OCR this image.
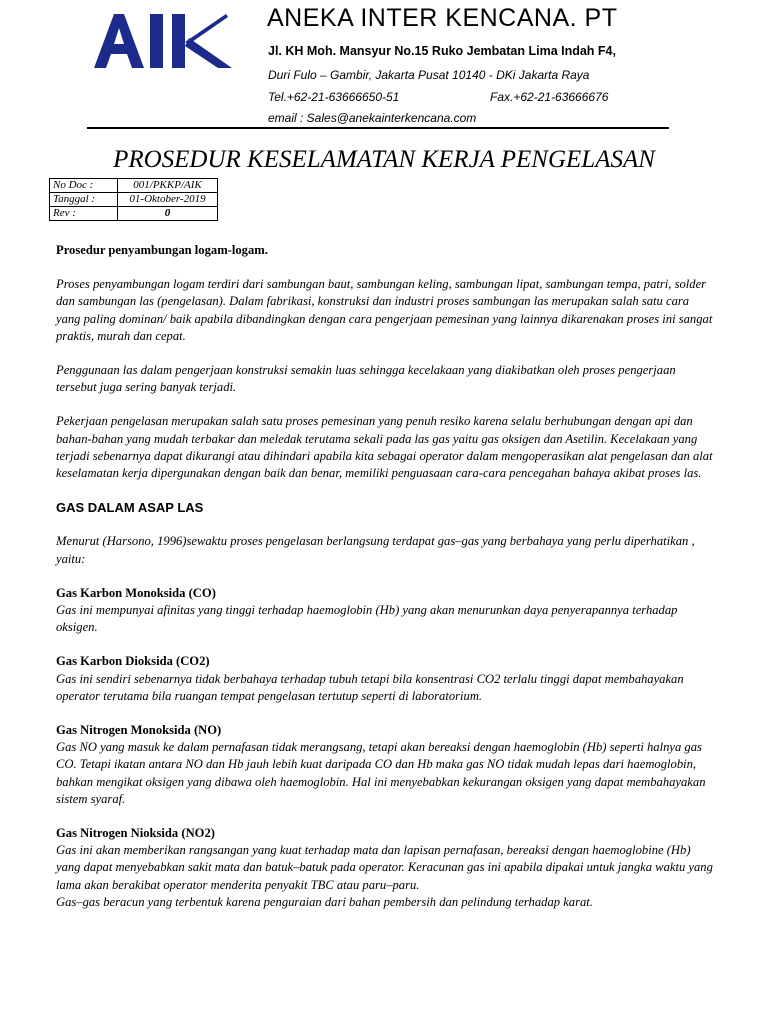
ANEKA INTER KENCANA. PT
Jl. KH Moh. Mansyur No.15 Ruko Jembatan Lima Indah F4,
Duri Fulo – Gambir, Jakarta Pusat 10140 - DKi Jakarta Raya
Tel.+62-21-63666650-51	Fax.+62-21-63666676
email : Sales@anekainterkencana.com
PROSEDUR KESELAMATAN KERJA PENGELASAN
No Doc :	001/PKKP/AIK
Tanggal :	01-Oktober-2019
Rev :	0

Prosedur penyambungan logam-logam.

Proses penyambungan logam terdiri dari sambungan baut, sambungan keling, sambungan lipat, sambungan tempa, patri, solder dan sambungan las (pengelasan). Dalam fabrikasi, konstruksi dan industri proses sambungan las merupakan salah satu cara yang paling dominan/ baik apabila dibandingkan dengan cara pengerjaan pemesinan yang lainnya dikarenakan proses ini sangat praktis, murah dan cepat.

Penggunaan las dalam pengerjaan konstruksi semakin luas sehingga kecelakaan yang diakibatkan oleh proses pengerjaan tersebut juga sering banyak terjadi.

Pekerjaan pengelasan merupakan salah satu proses pemesinan yang penuh resiko karena selalu berhubungan dengan api dan bahan-bahan yang mudah terbakar dan meledak terutama sekali pada las gas yaitu gas oksigen dan Asetilin. Kecelakaan yang terjadi sebenarnya dapat dikurangi atau dihindari apabila kita sebagai operator dalam mengoperasikan alat pengelasan dan alat keselamatan kerja dipergunakan dengan baik dan benar, memiliki penguasaan cara-cara pencegahan bahaya akibat proses las.

GAS DALAM ASAP LAS

Menurut (Harsono, 1996)sewaktu proses pengelasan berlangsung terdapat gas–gas yang berbahaya yang perlu diperhatikan , yaitu:

Gas Karbon Monoksida (CO)

Gas ini mempunyai afinitas yang tinggi terhadap haemoglobin (Hb) yang akan menurunkan daya penyerapannya terhadap oksigen.

Gas Karbon Dioksida (CO2)

Gas ini sendiri sebenarnya tidak berbahaya terhadap tubuh tetapi bila konsentrasi CO2 terlalu tinggi dapat membahayakan operator terutama bila ruangan tempat pengelasan tertutup seperti di laboratorium.

Gas Nitrogen Monoksida (NO)

Gas NO yang masuk ke dalam pernafasan tidak merangsang, tetapi akan bereaksi dengan haemoglobin (Hb) seperti halnya gas CO. Tetapi ikatan antara NO dan Hb jauh lebih kuat daripada CO dan Hb maka gas NO tidak mudah lepas dari haemoglobin, bahkan mengikat oksigen yang dibawa oleh haemoglobin. Hal ini menyebabkan kekurangan oksigen yang dapat membahayakan sistem syaraf.

Gas Nitrogen Nioksida (NO2)

Gas ini akan memberikan rangsangan yang kuat terhadap mata dan lapisan pernafasan, bereaksi dengan haemoglobine (Hb) yang dapat menyebabkan sakit mata dan batuk–batuk pada operator. Keracunan gas ini apabila dipakai untuk jangka waktu yang lama akan berakibat operator menderita penyakit TBC atau paru–paru.

Gas–gas beracun yang terbentuk karena penguraian dari bahan pembersih dan pelindung terhadap karat.
